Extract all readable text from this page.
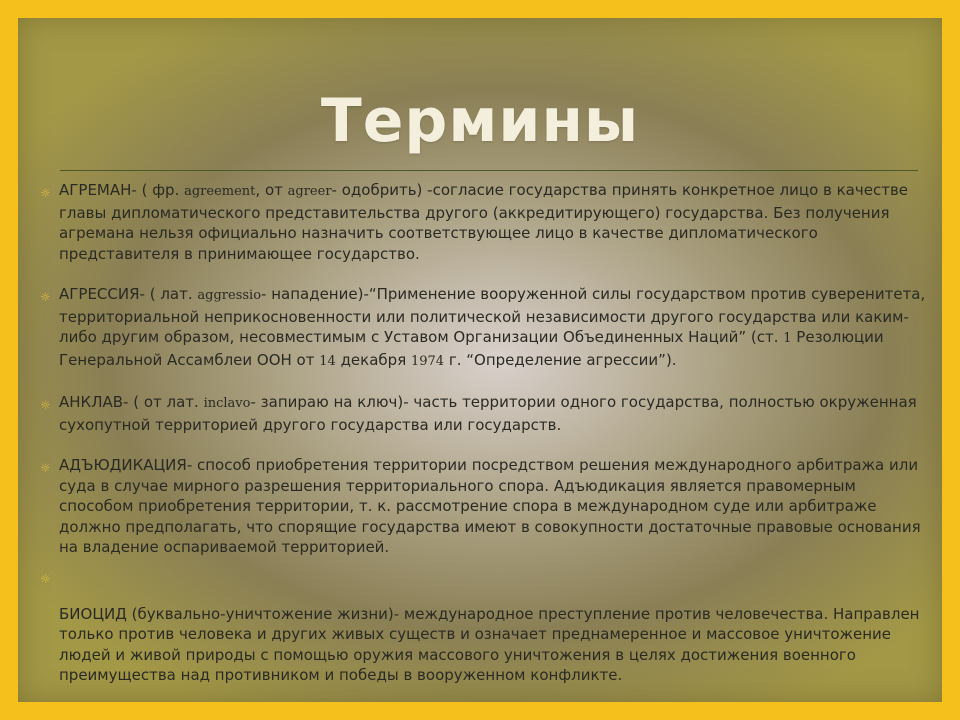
Термины
☼ АГРЕМАН- ( фр. agreement, от agreer- одобрить) -согласие государства принять конкретное лицо в качестве главы дипломатического представительства другого (аккредитирующего) государства. Без получения агремана нельзя официально назначить соответствующее лицо в качестве дипломатического представителя в принимающее государство.
☼ АГРЕССИЯ- ( лат. aggressio- нападение)-“Применение вооруженной силы государством против суверенитета, территориальной неприкосновенности или политической независимости другого государства или каким-либо другим образом, несовместимым с Уставом Организации Объединенных Наций” (ст. 1 Резолюции Генеральной Ассамблеи ООН от 14 декабря 1974 г. “Определение агрессии”).
☼ АНКЛАВ- ( от лат. inclavo- запираю на ключ)- часть территории одного государства, полностью окруженная сухопутной территорией другого государства или государств.
☼ АДЪЮДИКАЦИЯ- способ приобретения территории посредством решения международного арбитража или суда в случае мирного разрешения территориального спора. Адъюдикация является правомерным способом приобретения территории, т. к. рассмотрение спора в международном суде или арбитраже должно предполагать, что спорящие государства имеют в совокупности достаточные правовые основания на владение оспариваемой территорией.
☼
БИОЦИД (буквально-уничтожение жизни)- международное преступление против человечества. Направлен только против человека и других живых существ и означает преднамеренное и массовое уничтожение людей и живой природы с помощью оружия массового уничтожения в целях достижения военного преимущества над противником и победы в вооруженном конфликте.
